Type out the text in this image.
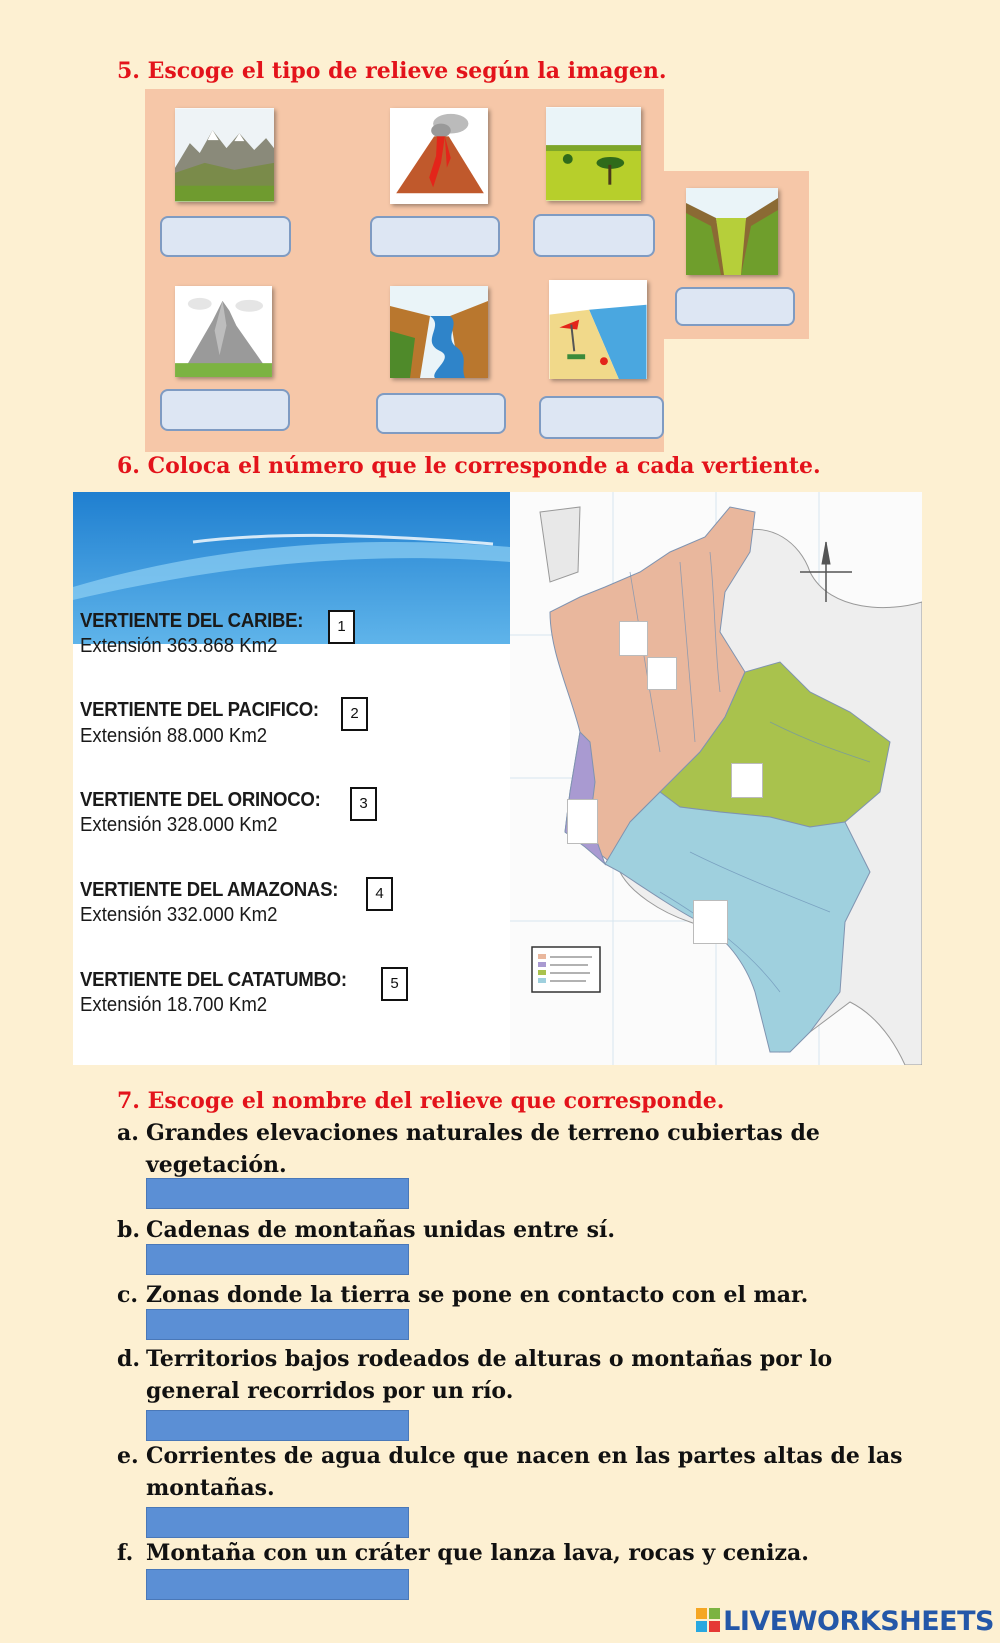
5. Escoge el tipo de relieve según la imagen.
6. Coloca el número que le corresponde a cada vertiente.
VERTIENTE DEL CARIBE:
Extensión 363.868 Km2
1
VERTIENTE DEL PACIFICO:
Extensión 88.000 Km2
2
VERTIENTE DEL ORINOCO:
Extensión 328.000 Km2
3
VERTIENTE DEL AMAZONAS:
Extensión 332.000 Km2
4
VERTIENTE DEL CATATUMBO:
Extensión 18.700 Km2
5
7. Escoge el nombre del relieve que corresponde.
a. Grandes elevaciones naturales de terreno cubiertas de vegetación.
b. Cadenas de montañas unidas entre sí.
c. Zonas donde la tierra se pone en contacto con el mar.
d. Territorios bajos rodeados de alturas o montañas por lo general recorridos por un río.
e. Corrientes de agua dulce que nacen en las partes altas de las montañas.
f. Montaña con un cráter que lanza lava, rocas y ceniza.
LIVEWORKSHEETS
